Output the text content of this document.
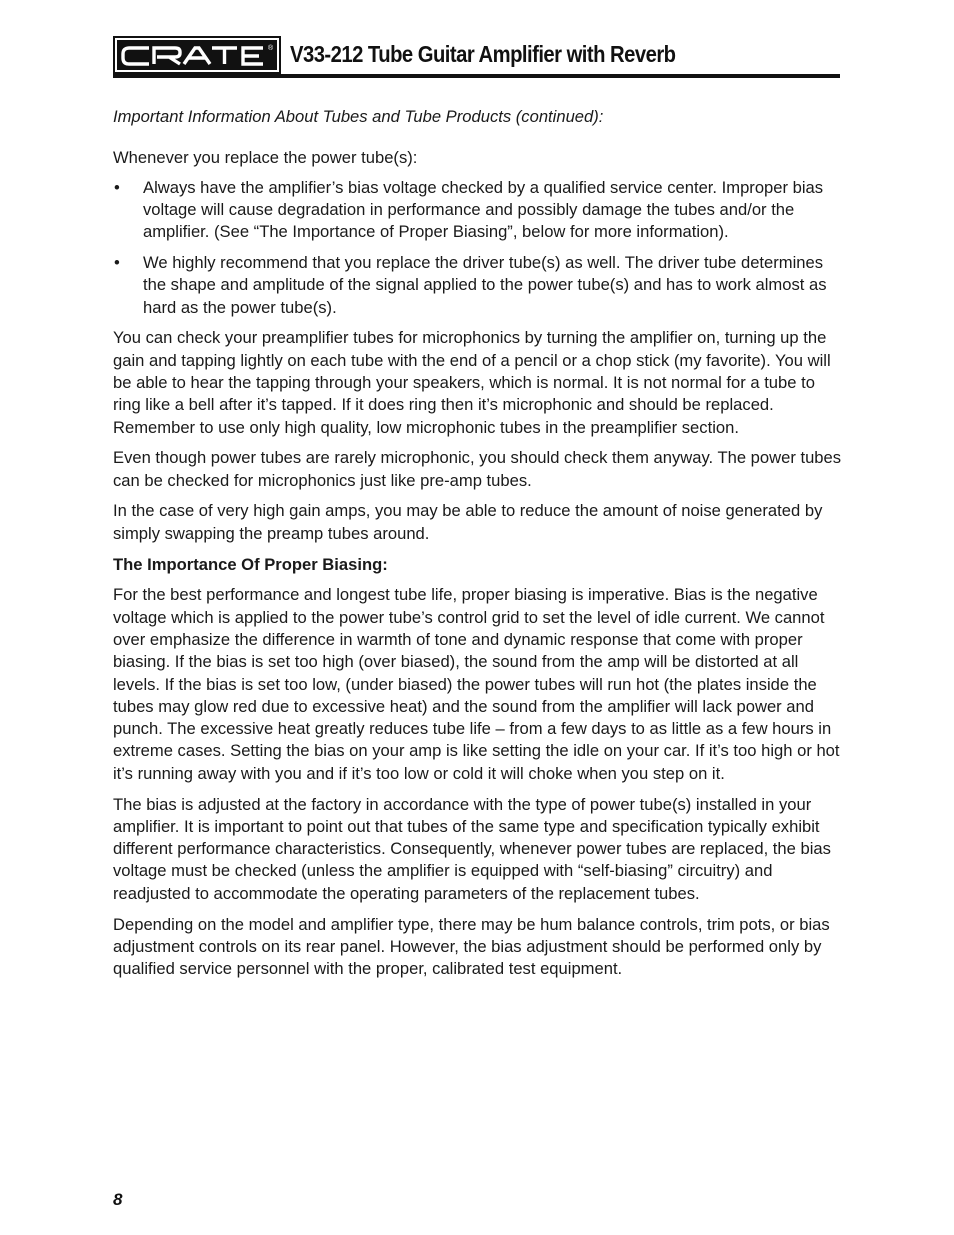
®
CRATE
V33-212 Tube Guitar Amplifier with Reverb

Important Information About Tubes and Tube Products (continued):

Whenever you replace the power tube(s):

• Always have the amplifier’s bias voltage checked by a qualified service center. Improper bias voltage will cause degradation in performance and possibly damage the tubes and/or the amplifier. (See “The Importance of Proper Biasing”, below for more information).
• We highly recommend that you replace the driver tube(s) as well. The driver tube determines the shape and amplitude of the signal applied to the power tube(s) and has to work almost as hard as the power tube(s).

You can check your preamplifier tubes for microphonics by turning the amplifier on, turning up the gain and tapping lightly on each tube with the end of a pencil or a chop stick (my favorite). You will be able to hear the tapping through your speakers, which is normal. It is not normal for a tube to ring like a bell after it’s tapped. If it does ring then it’s microphonic and should be replaced. Remember to use only high quality, low microphonic tubes in the preamplifier section.

Even though power tubes are rarely microphonic, you should check them anyway. The power tubes can be checked for microphonics just like pre-amp tubes.

In the case of very high gain amps, you may be able to reduce the amount of noise generated by simply swapping the preamp tubes around.

The Importance Of Proper Biasing:

For the best performance and longest tube life, proper biasing is imperative. Bias is the negative voltage which is applied to the power tube’s control grid to set the level of idle current. We cannot over emphasize the difference in warmth of tone and dynamic response that come with proper biasing. If the bias is set too high (over biased), the sound from the amp will be distorted at all levels. If the bias is set too low, (under biased) the power tubes will run hot (the plates inside the tubes may glow red due to excessive heat) and the sound from the amplifier will lack power and punch. The excessive heat greatly reduces tube life – from a few days to as little as a few hours in extreme cases. Setting the bias on your amp is like setting the idle on your car. If it’s too high or hot it’s running away with you and if it’s too low or cold it will choke when you step on it.

The bias is adjusted at the factory in accordance with the type of power tube(s) installed in your amplifier. It is important to point out that tubes of the same type and specification typically exhibit different performance characteristics. Consequently, whenever power tubes are replaced, the bias voltage must be checked (unless the amplifier is equipped with “self-biasing” circuitry) and readjusted to accommodate the operating parameters of the replacement tubes.

Depending on the model and amplifier type, there may be hum balance controls, trim pots, or bias adjustment controls on its rear panel. However, the bias adjustment should be performed only by qualified service personnel with the proper, calibrated test equipment.

8
